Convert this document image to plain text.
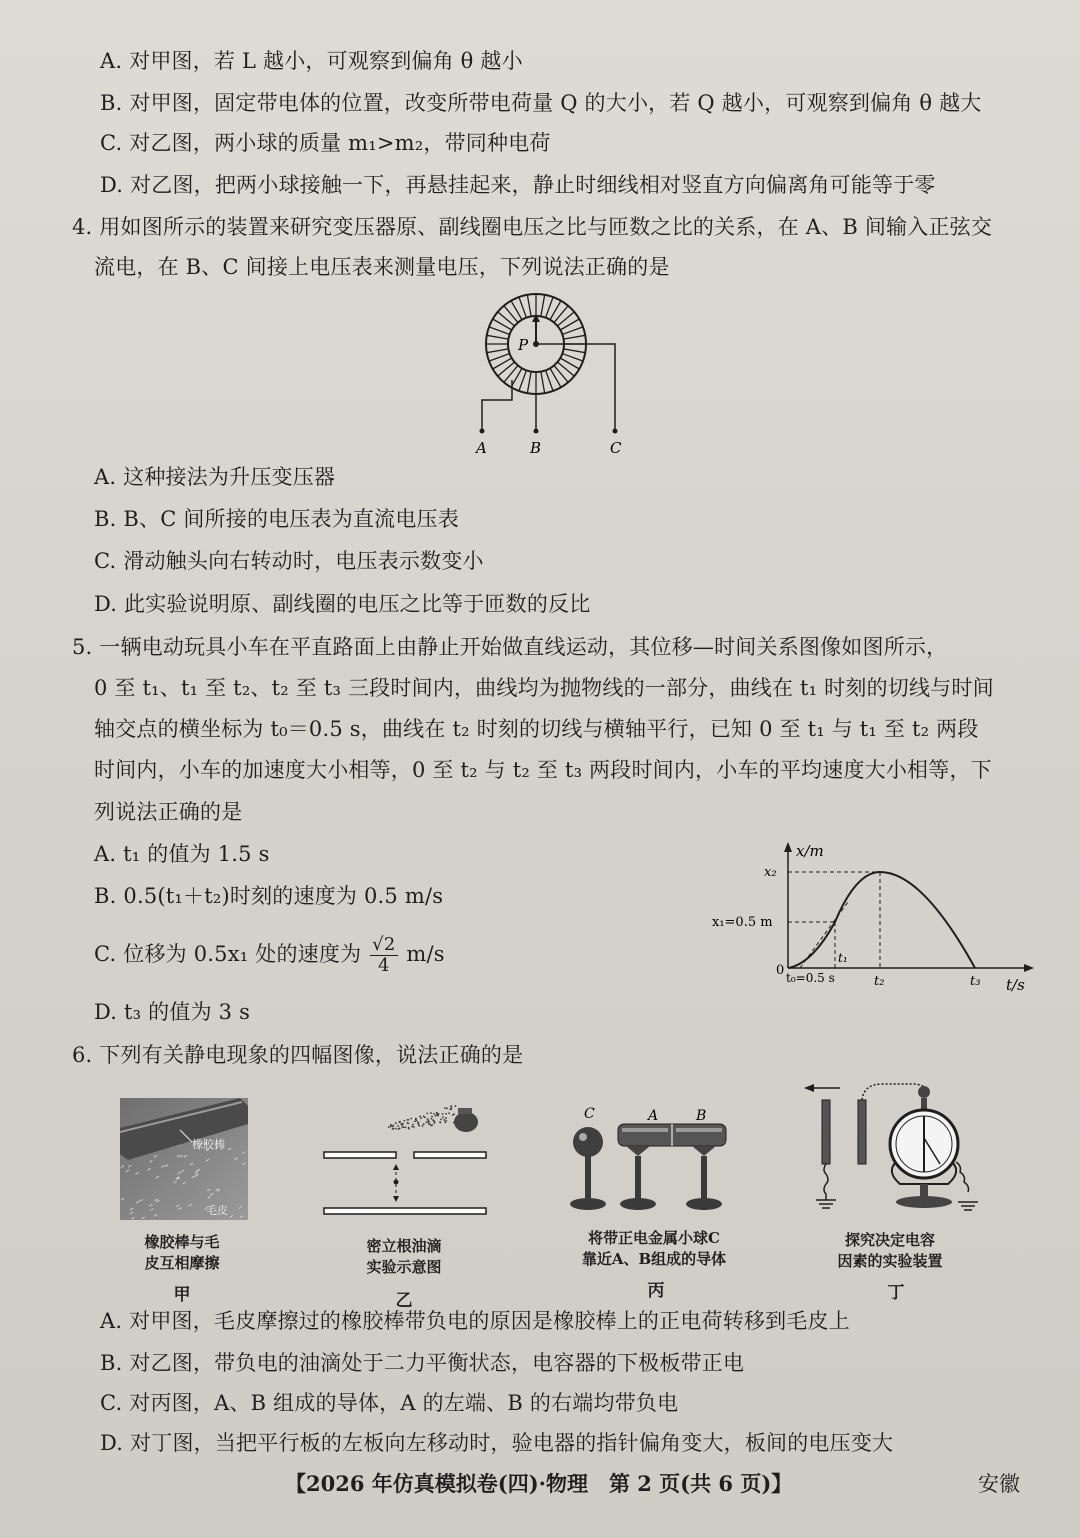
A. 对甲图，若 L 越小，可观察到偏角 θ 越小
B. 对甲图，固定带电体的位置，改变所带电荷量 Q 的大小，若 Q 越小，可观察到偏角 θ 越大
C. 对乙图，两小球的质量 m₁>m₂，带同种电荷
D. 对乙图，把两小球接触一下，再悬挂起来，静止时细线相对竖直方向偏离角可能等于零
4. 用如图所示的装置来研究变压器原、副线圈电压之比与匝数之比的关系，在 A、B 间输入正弦交
流电，在 B、C 间接上电压表来测量电压，下列说法正确的是
P
A	B	C
A. 这种接法为升压变压器
B. B、C 间所接的电压表为直流电压表
C. 滑动触头向右转动时，电压表示数变小
D. 此实验说明原、副线圈的电压之比等于匝数的反比
5. 一辆电动玩具小车在平直路面上由静止开始做直线运动，其位移—时间关系图像如图所示，
0 至 t₁、t₁ 至 t₂、t₂ 至 t₃ 三段时间内，曲线均为抛物线的一部分，曲线在 t₁ 时刻的切线与时间
轴交点的横坐标为 t₀＝0.5 s，曲线在 t₂ 时刻的切线与横轴平行，已知 0 至 t₁ 与 t₁ 至 t₂ 两段
时间内，小车的加速度大小相等，0 至 t₂ 与 t₂ 至 t₃ 两段时间内，小车的平均速度大小相等，下
列说法正确的是
A. t₁ 的值为 1.5 s
B. 0.5(t₁＋t₂)时刻的速度为 0.5 m/s
C. 位移为 0.5x₁ 处的速度为 $\frac{√2}{4} m/s$
D. t₃ 的值为 3 s
x/m
t/s
x₂
x₁=0.5 m
0 t₀=0.5 s
t₁
t₂	t₃
6. 下列有关静电现象的四幅图像，说法正确的是
橡胶棒
毛皮
橡胶棒与毛
皮互相摩擦
甲
密立根油滴
实验示意图
乙
C	A	B
将带正电金属小球C
靠近A、B组成的导体
丙
探究决定电容
因素的实验装置
丁
A. 对甲图，毛皮摩擦过的橡胶棒带负电的原因是橡胶棒上的正电荷转移到毛皮上
B. 对乙图，带负电的油滴处于二力平衡状态，电容器的下极板带正电
C. 对丙图，A、B 组成的导体，A 的左端、B 的右端均带负电
D. 对丁图，当把平行板的左板向左移动时，验电器的指针偏角变大，板间的电压变大
【2026 年仿真模拟卷(四)·物理　第 2 页(共 6 页)】	安徽
